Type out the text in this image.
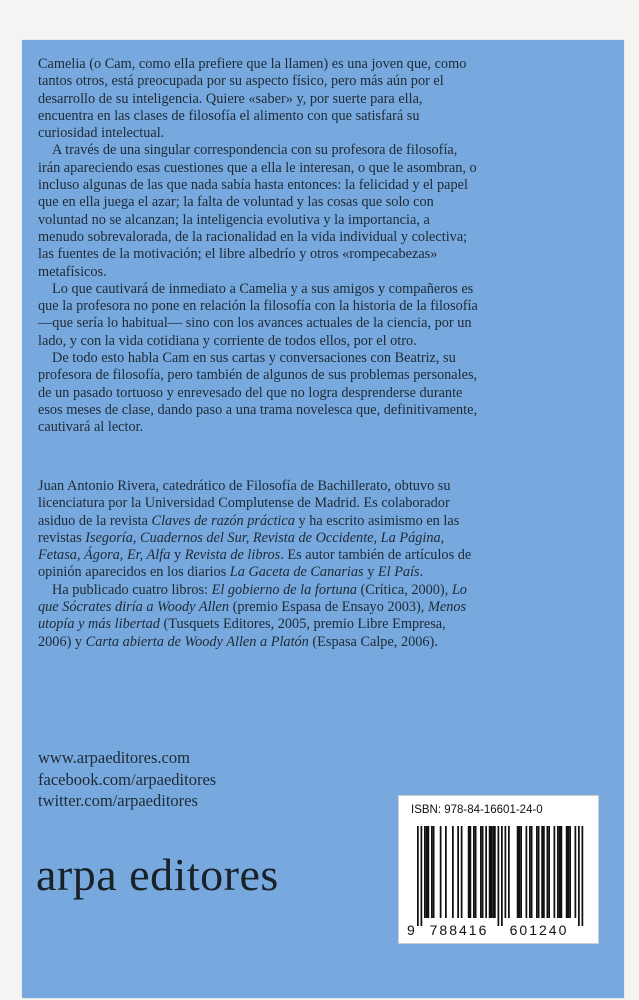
Camelia (o Cam, como ella prefiere que la llamen) es una joven que, como tantos otros, está preocupada por su aspecto físico, pero más aún por el desarrollo de su inteligencia. Quiere «saber» y, por suerte para ella, encuentra en las clases de filosofía el alimento con que satisfará su curiosidad intelectual.

A través de una singular correspondencia con su profesora de filosofía, irán apareciendo esas cuestiones que a ella le interesan, o que le asombran, o incluso algunas de las que nada sabía hasta entonces: la felicidad y el papel que en ella juega el azar; la falta de voluntad y las cosas que solo con voluntad no se alcanzan; la inteligencia evolutiva y la importancia, a menudo sobrevalorada, de la racionalidad en la vida individual y colectiva; las fuentes de la motivación; el libre albedrío y otros «rompecabezas» metafísicos.

Lo que cautivará de inmediato a Camelia y a sus amigos y compañeros es que la profesora no pone en relación la filosofía con la historia de la filosofía —que sería lo habitual— sino con los avances actuales de la ciencia, por un lado, y con la vida cotidiana y corriente de todos ellos, por el otro.

De todo esto habla Cam en sus cartas y conversaciones con Beatriz, su profesora de filosofía, pero también de algunos de sus problemas personales, de un pasado tortuoso y enrevesado del que no logra desprenderse durante esos meses de clase, dando paso a una trama novelesca que, definitivamente, cautivará al lector.

Juan Antonio Rivera, catedrático de Filosofía de Bachillerato, obtuvo su licenciatura por la Universidad Complutense de Madrid. Es colaborador asiduo de la revista Claves de razón práctica y ha escrito asimismo en las revistas Isegoría, Cuadernos del Sur, Revista de Occidente, La Página, Fetasa, Ágora, Er, Alfa y Revista de libros. Es autor también de artículos de opinión aparecidos en los diarios La Gaceta de Canarias y El País.

Ha publicado cuatro libros: El gobierno de la fortuna (Crítica, 2000), Lo que Sócrates diría a Woody Allen (premio Espasa de Ensayo 2003), Menos utopía y más libertad (Tusquets Editores, 2005, premio Libre Empresa, 2006) y Carta abierta de Woody Allen a Platón (Espasa Calpe, 2006).

www.arpaeditores.com
facebook.com/arpaeditores
twitter.com/arpaeditores
arpa editores
ISBN: 978-84-16601-24-0
9 788416 601240
